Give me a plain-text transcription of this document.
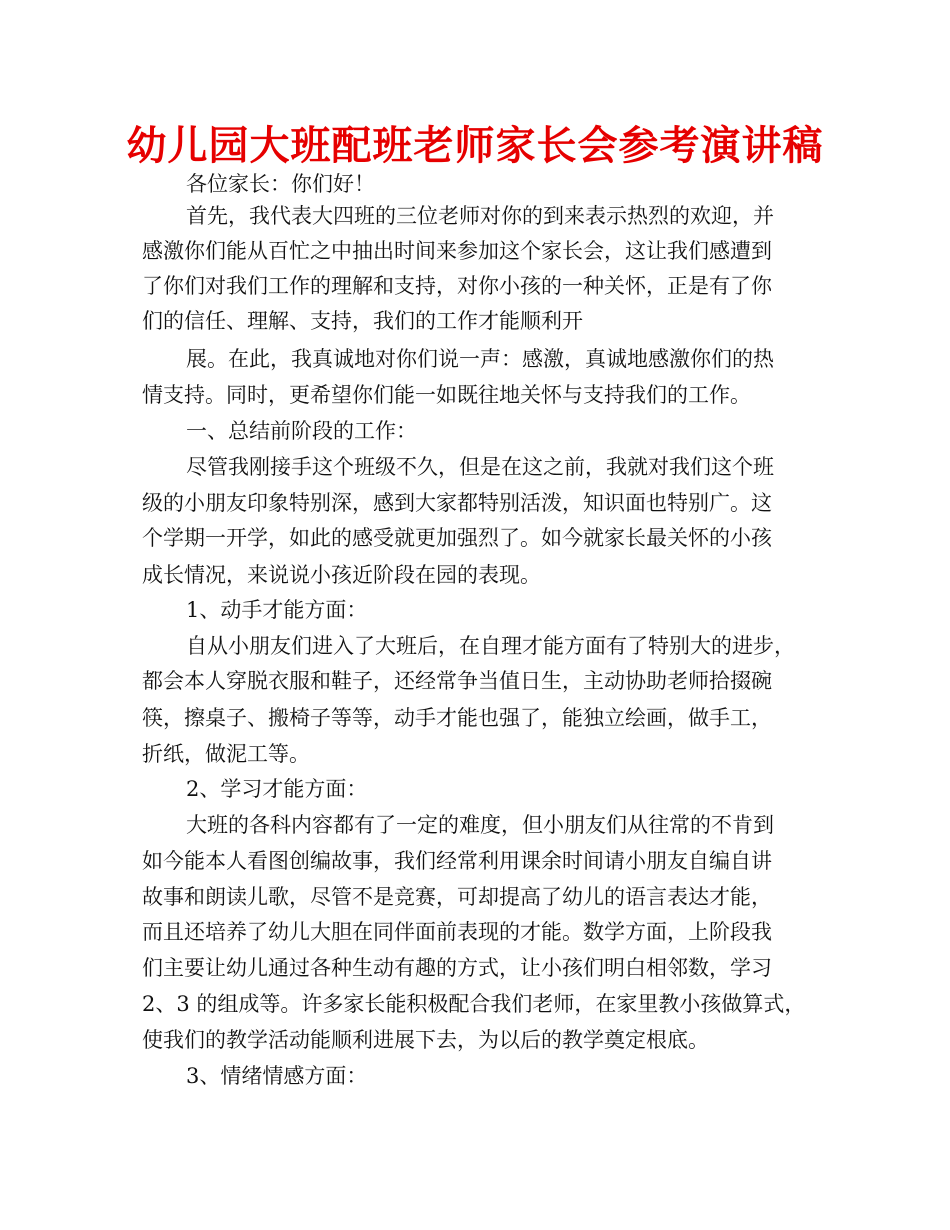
幼儿园大班配班老师家长会参考演讲稿
各位家长：你们好！
首先，我代表大四班的三位老师对你的到来表示热烈的欢迎，并
感激你们能从百忙之中抽出时间来参加这个家长会，这让我们感遭到
了你们对我们工作的理解和支持，对你小孩的一种关怀，正是有了你
们的信任、理解、支持，我们的工作才能顺利开
展。在此，我真诚地对你们说一声：感激，真诚地感激你们的热
情支持。同时，更希望你们能一如既往地关怀与支持我们的工作。
一、总结前阶段的工作：
尽管我刚接手这个班级不久，但是在这之前，我就对我们这个班
级的小朋友印象特别深，感到大家都特别活泼，知识面也特别广。这
个学期一开学，如此的感受就更加强烈了。如今就家长最关怀的小孩
成长情况，来说说小孩近阶段在园的表现。
1、动手才能方面：
自从小朋友们进入了大班后，在自理才能方面有了特别大的进步，
都会本人穿脱衣服和鞋子，还经常争当值日生，主动协助老师拾掇碗
筷，擦桌子、搬椅子等等，动手才能也强了，能独立绘画，做手工，
折纸，做泥工等。
2、学习才能方面：
大班的各科内容都有了一定的难度，但小朋友们从往常的不肯到
如今能本人看图创编故事，我们经常利用课余时间请小朋友自编自讲
故事和朗读儿歌，尽管不是竞赛，可却提高了幼儿的语言表达才能，
而且还培养了幼儿大胆在同伴面前表现的才能。数学方面，上阶段我
们主要让幼儿通过各种生动有趣的方式，让小孩们明白相邻数，学习
2、3 的组成等。许多家长能积极配合我们老师，在家里教小孩做算式，
使我们的教学活动能顺利进展下去，为以后的教学奠定根底。
3、情绪情感方面：
